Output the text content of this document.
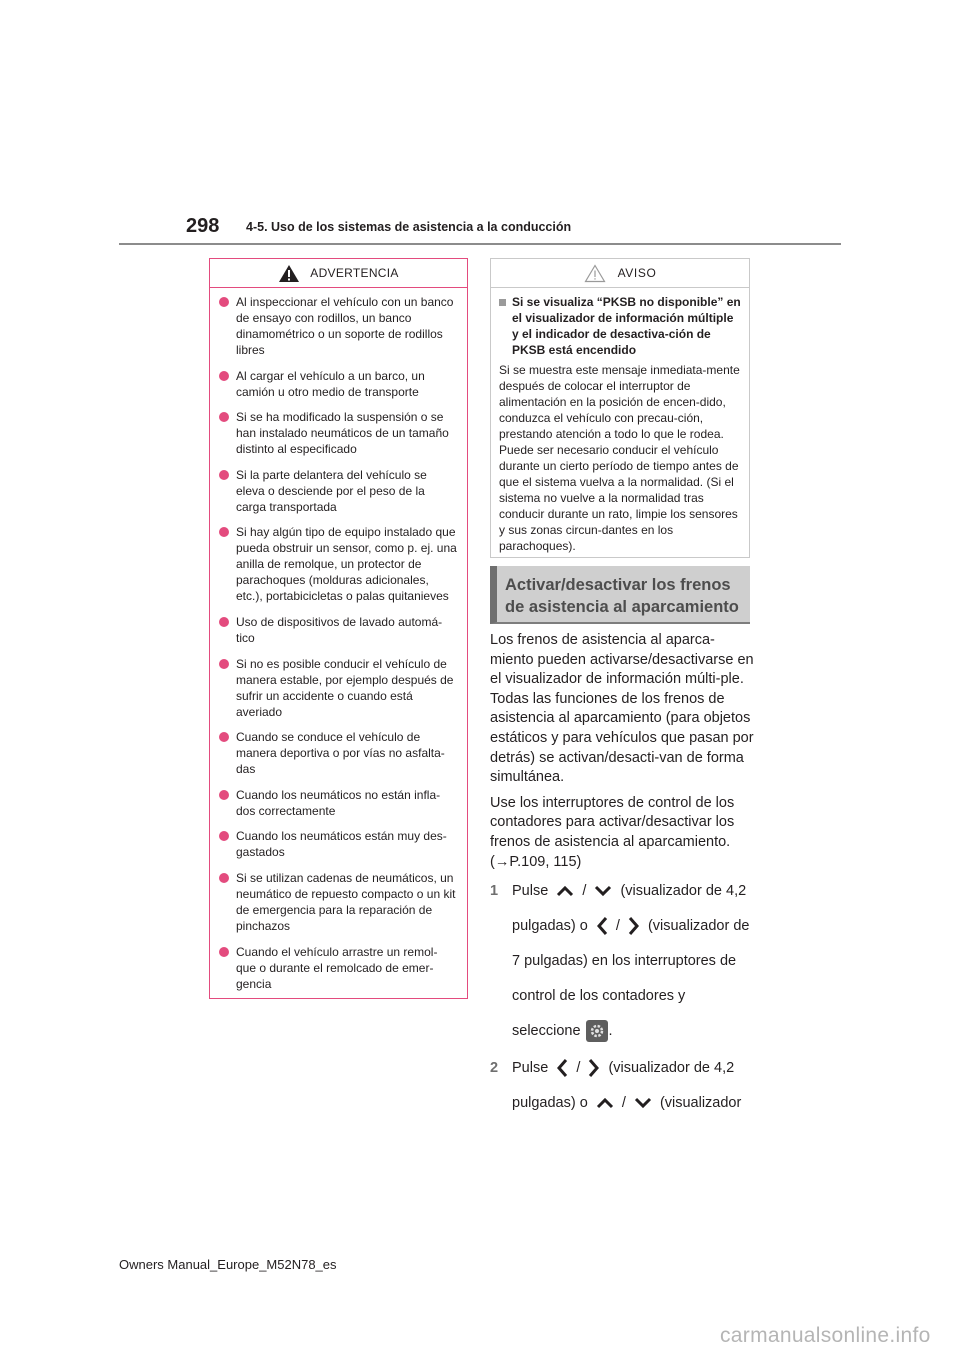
298 4-5. Uso de los sistemas de asistencia a la conducción
ADVERTENCIA
Al inspeccionar el vehículo con un banco de ensayo con rodillos, un banco dinamométrico o un soporte de rodillos libres
Al cargar el vehículo a un barco, un camión u otro medio de transporte
Si se ha modificado la suspensión o se han instalado neumáticos de un tamaño distinto al especificado
Si la parte delantera del vehículo se eleva o desciende por el peso de la carga transportada
Si hay algún tipo de equipo instalado que pueda obstruir un sensor, como p. ej. una anilla de remolque, un protector de parachoques (molduras adicionales, etc.), portabicicletas o palas quitanieves
Uso de dispositivos de lavado automá-tico
Si no es posible conducir el vehículo de manera estable, por ejemplo después de sufrir un accidente o cuando está averiado
Cuando se conduce el vehículo de manera deportiva o por vías no asfalta-das
Cuando los neumáticos no están infla-dos correctamente
Cuando los neumáticos están muy des-gastados
Si se utilizan cadenas de neumáticos, un neumático de repuesto compacto o un kit de emergencia para la reparación de pinchazos
Cuando el vehículo arrastre un remol-que o durante el remolcado de emer-gencia
AVISO
Si se visualiza “PKSB no disponible” en el visualizador de información múltiple y el indicador de desactiva-ción de PKSB está encendido
Si se muestra este mensaje inmediata-mente después de colocar el interruptor de alimentación en la posición de encen-dido, conduzca el vehículo con precau-ción, prestando atención a todo lo que le rodea. Puede ser necesario conducir el vehículo durante un cierto período de tiempo antes de que el sistema vuelva a la normalidad. (Si el sistema no vuelve a la normalidad tras conducir durante un rato, limpie los sensores y sus zonas circun-dantes en los parachoques).
Activar/desactivar los frenos de asistencia al aparcamiento

Los frenos de asistencia al aparca-miento pueden activarse/desactivarse en el visualizador de información múlti-ple. Todas las funciones de los frenos de asistencia al aparcamiento (para objetos estáticos y para vehículos que pasan por detrás) se activan/desacti-van de forma simultánea.

Use los interruptores de control de los contadores para activar/desactivar los frenos de asistencia al aparcamiento.
(→P.109, 115)

1 Pulse / (visualizador de 4,2 pulgadas) o / (visualizador de 7 pulgadas) en los interruptores de control de los contadores y seleccione .
2 Pulse / (visualizador de 4,2 pulgadas) o / (visualizador
Owners Manual_Europe_M52N78_es
carmanualsonline.info
